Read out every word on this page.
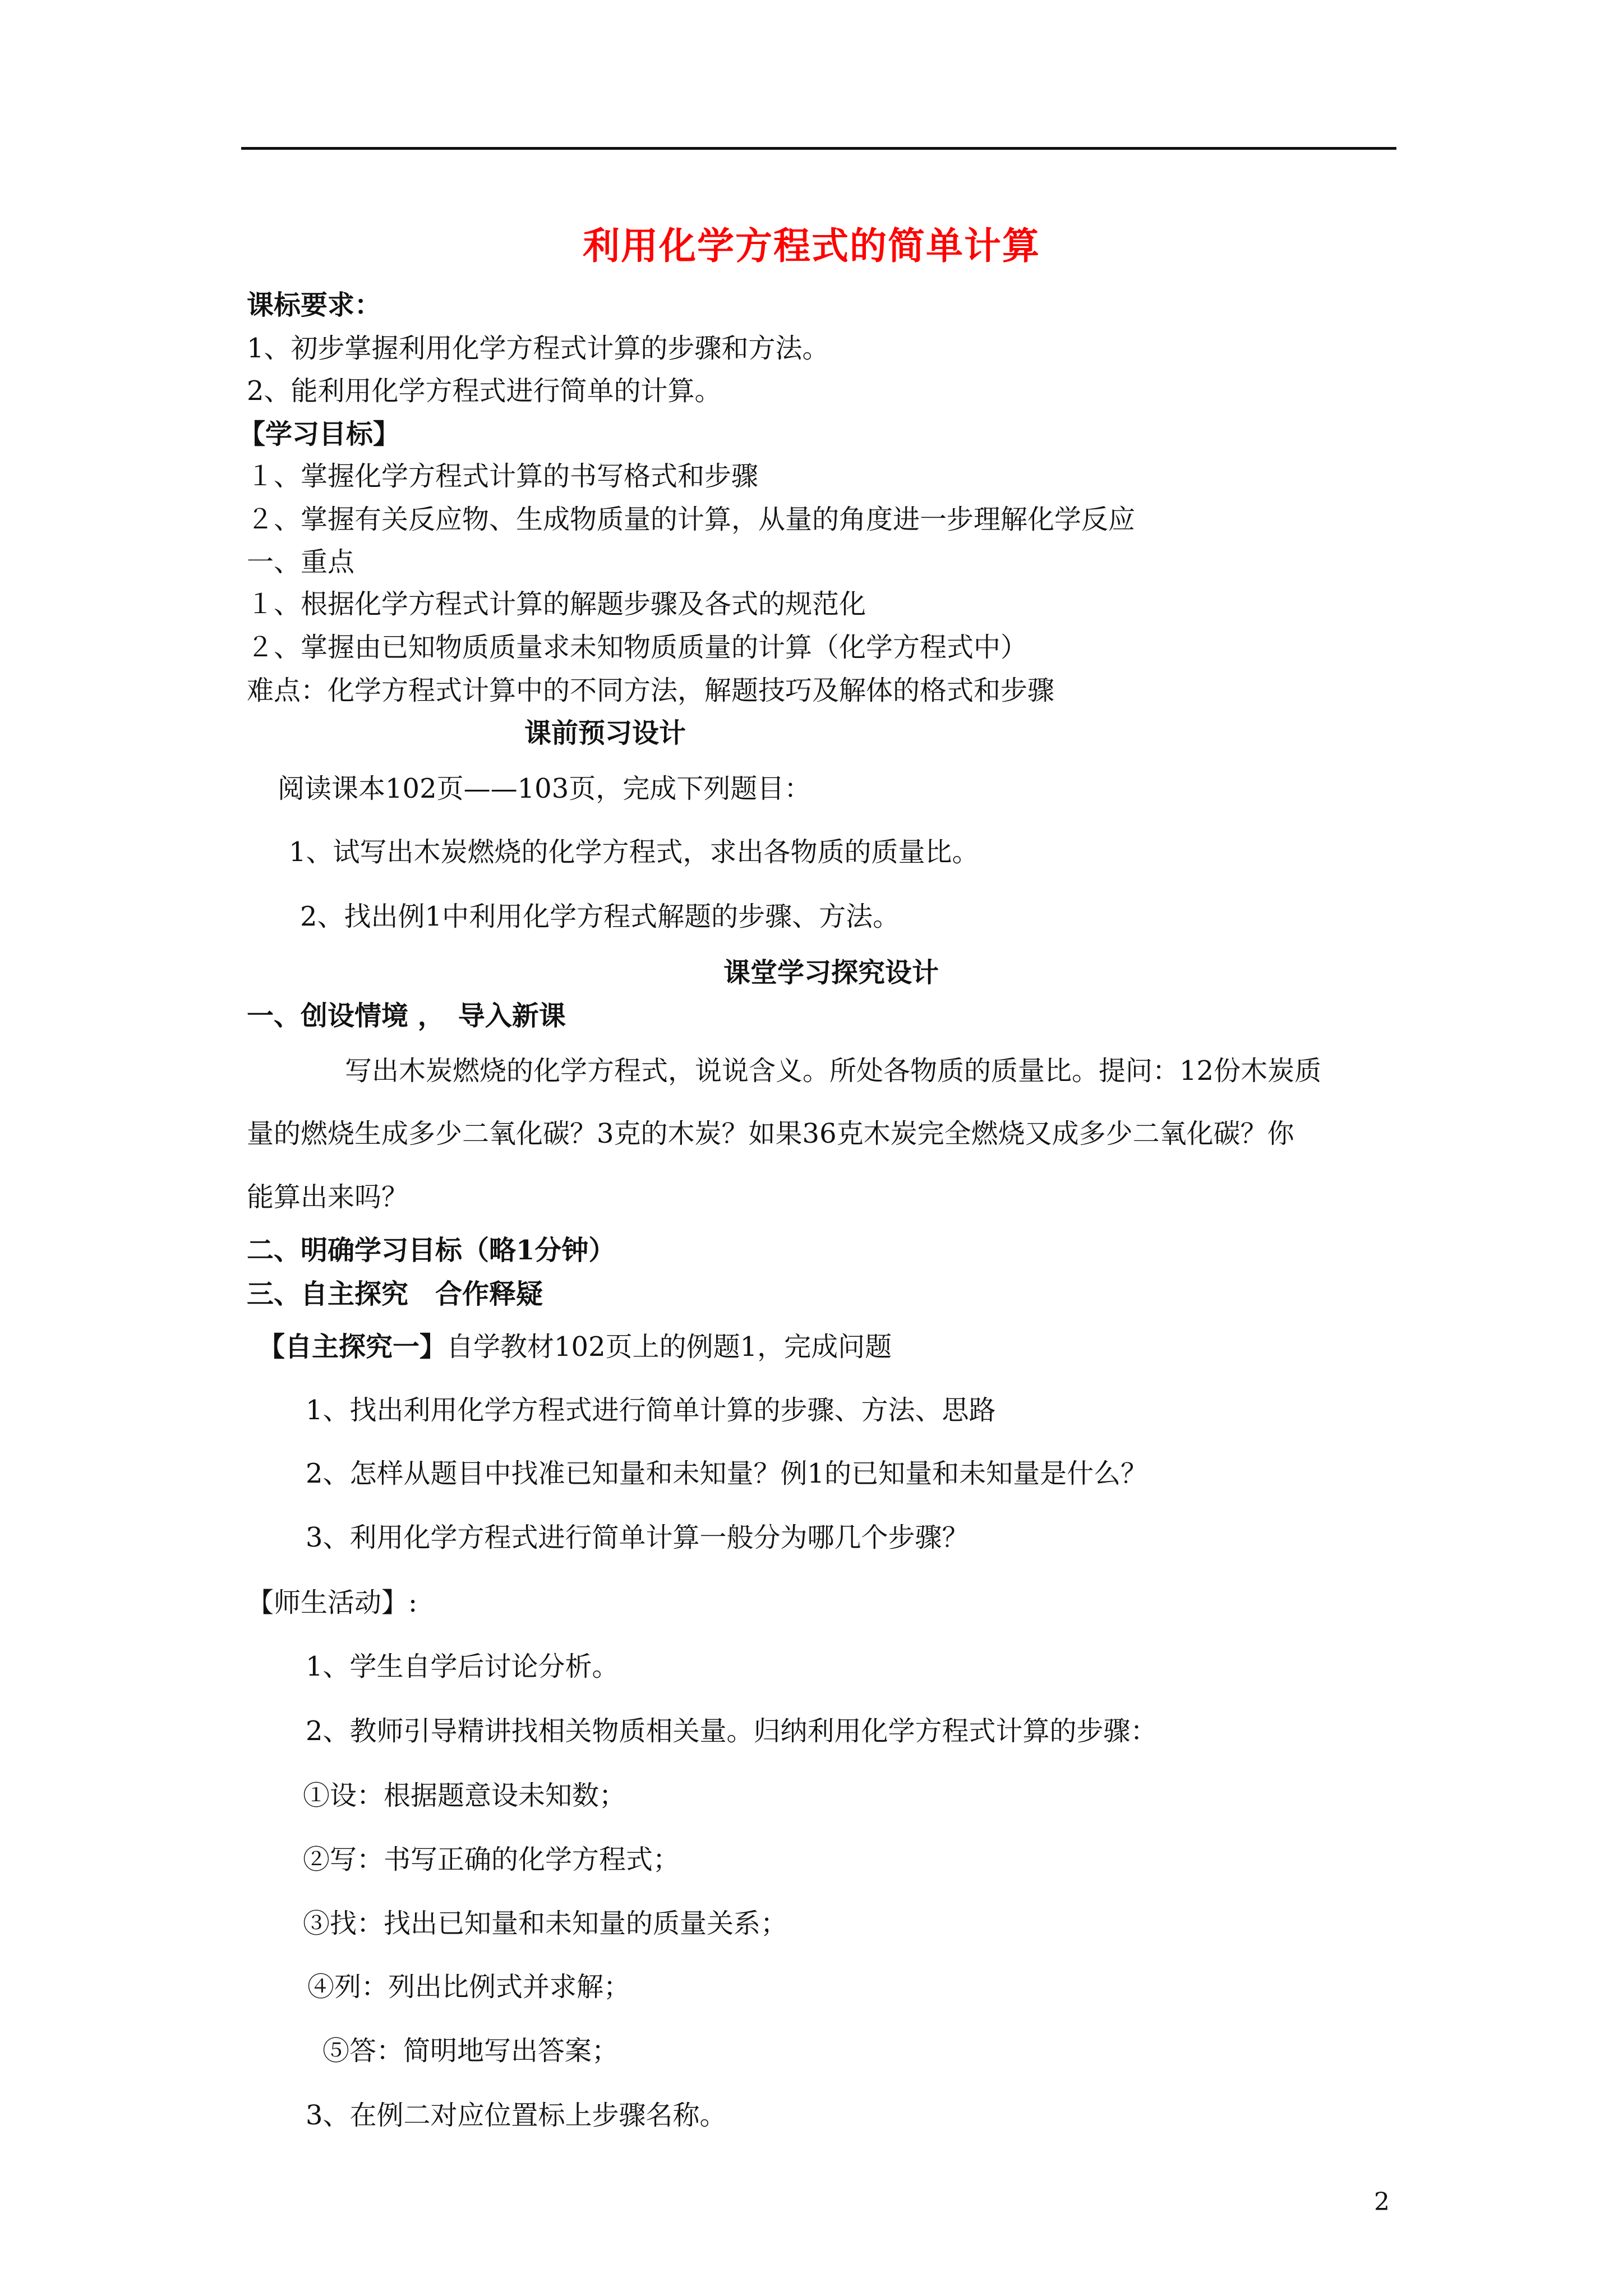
利用化学方程式的简单计算
课标要求：
1、初步掌握利用化学方程式计算的步骤和方法。
2、能利用化学方程式进行简单的计算。
【学习目标】
１、掌握化学方程式计算的书写格式和步骤
２、掌握有关反应物、生成物质量的计算，从量的角度进一步理解化学反应
一、重点
１、根据化学方程式计算的解题步骤及各式的规范化
２、掌握由已知物质质量求未知物质质量的计算（化学方程式中）
难点：化学方程式计算中的不同方法，解题技巧及解体的格式和步骤
课前预习设计
阅读课本102页——103页，完成下列题目：
1、试写出木炭燃烧的化学方程式，求出各物质的质量比。
2、找出例1中利用化学方程式解题的步骤、方法。
课堂学习探究设计
一、创设情境 ，　导入新课
写出木炭燃烧的化学方程式，说说含义。所处各物质的质量比。提问：12份木炭质
量的燃烧生成多少二氧化碳？3克的木炭？如果36克木炭完全燃烧又成多少二氧化碳？你
能算出来吗？
二、明确学习目标（略1分钟）
三、自主探究　合作释疑
【自主探究一】自学教材102页上的例题1，完成问题
1、找出利用化学方程式进行简单计算的步骤、方法、思路
2、怎样从题目中找准已知量和未知量？例1的已知量和未知量是什么？
3、利用化学方程式进行简单计算一般分为哪几个步骤？
【师生活动】:
1、学生自学后讨论分析。
2、教师引导精讲找相关物质相关量。归纳利用化学方程式计算的步骤：
①设：根据题意设未知数；
②写：书写正确的化学方程式；
③找：找出已知量和未知量的质量关系；
④列：列出比例式并求解；
⑤答：简明地写出答案；
3、在例二对应位置标上步骤名称。
2
